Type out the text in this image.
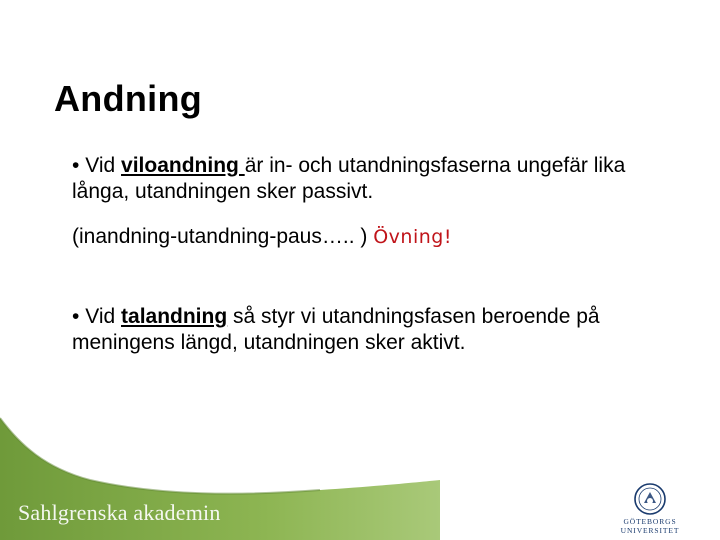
Andning
• Vid viloandning är in- och utandningsfaserna ungefär lika långa, utandningen sker passivt.
(inandning-utandning-paus….. ) Övning!
• Vid talandning så styr vi utandningsfasen beroende på meningens längd, utandningen sker aktivt.
Sahlgrenska akademin	GÖTEBORGS UNIVERSITET
